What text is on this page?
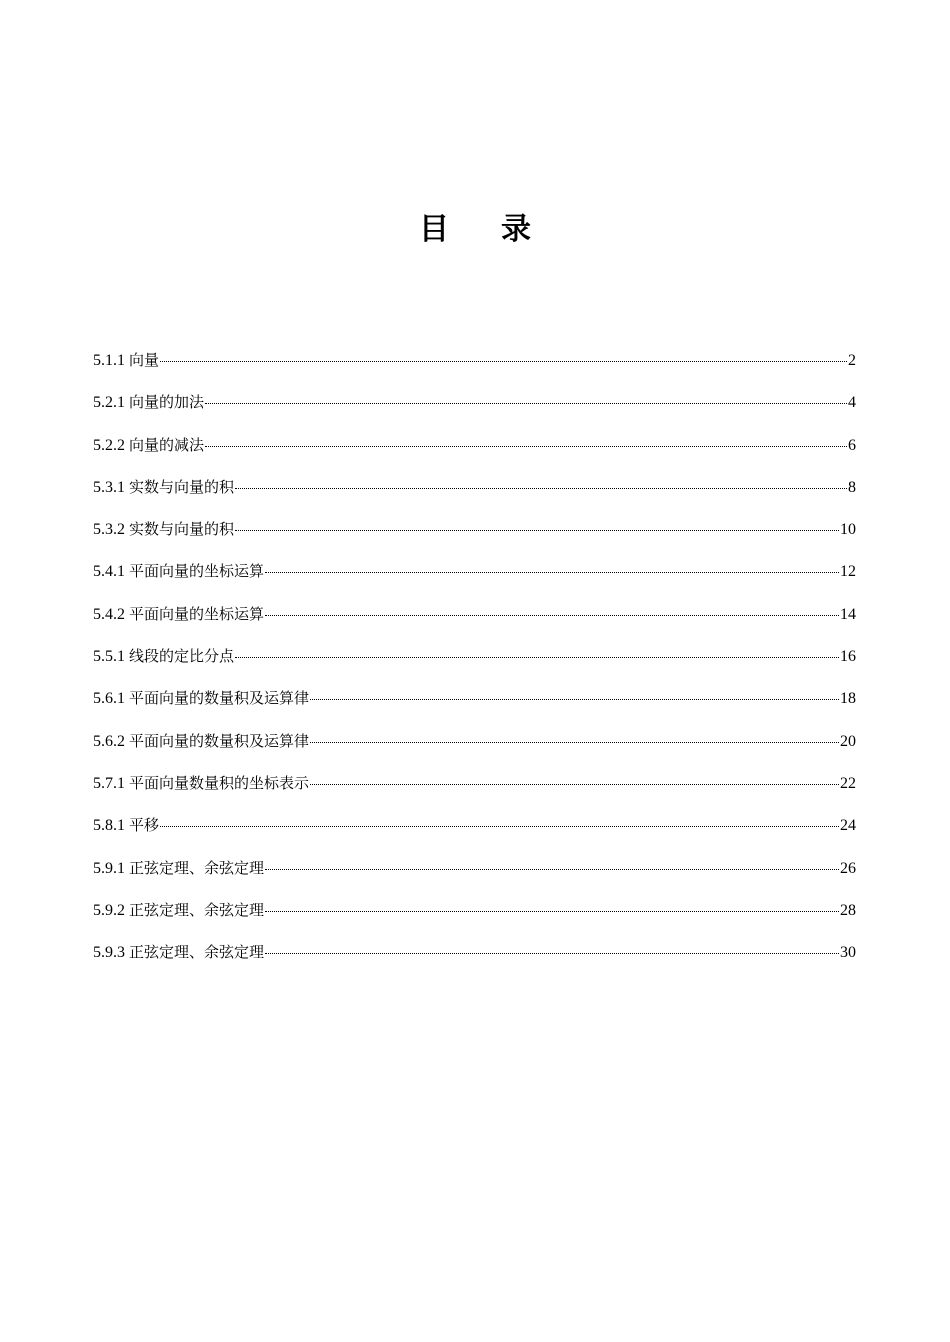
目录
5.1.1 向量	2
5.2.1 向量的加法	4
5.2.2 向量的减法	6
5.3.1 实数与向量的积	8
5.3.2 实数与向量的积	10
5.4.1 平面向量的坐标运算	12
5.4.2 平面向量的坐标运算	14
5.5.1 线段的定比分点	16
5.6.1 平面向量的数量积及运算律	18
5.6.2 平面向量的数量积及运算律	20
5.7.1 平面向量数量积的坐标表示	22
5.8.1 平移	24
5.9.1 正弦定理、余弦定理	26
5.9.2 正弦定理、余弦定理	28
5.9.3 正弦定理、余弦定理	30
